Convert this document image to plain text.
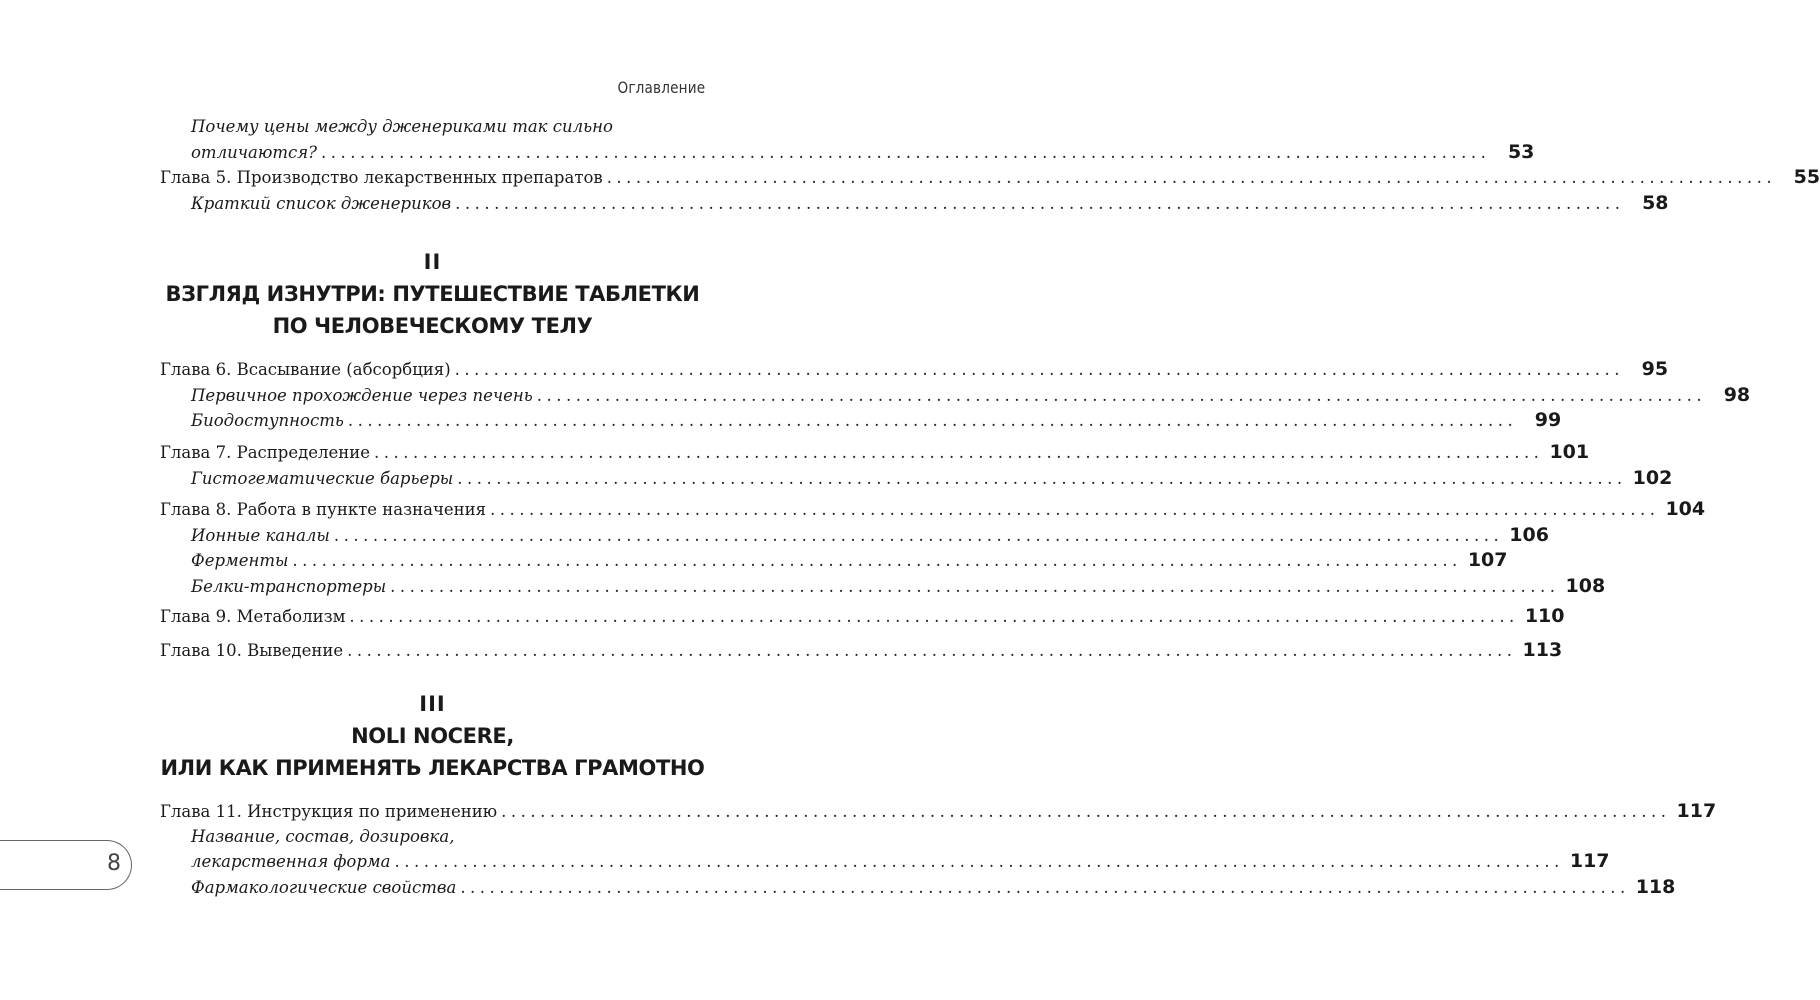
Оглавление
Почему цены между дженериками так сильно
отличаются? ........................................................................................................................ 53
Глава 5. Производство лекарственных препаратов ........................................................................................................................ 55
Краткий список дженериков ........................................................................................................................ 58
II
ВЗГЛЯД ИЗНУТРИ: ПУТЕШЕСТВИЕ ТАБЛЕТКИ
ПО ЧЕЛОВЕЧЕСКОМУ ТЕЛУ
Глава 6. Всасывание (абсорбция) ........................................................................................................................ 95
Первичное прохождение через печень ........................................................................................................................ 98
Биодоступность ........................................................................................................................ 99
Глава 7. Распределение ........................................................................................................................ 101
Гистогематические барьеры ........................................................................................................................ 102
Глава 8. Работа в пункте назначения ........................................................................................................................ 104
Ионные каналы ........................................................................................................................ 106
Ферменты ........................................................................................................................ 107
Белки-транспортеры ........................................................................................................................ 108
Глава 9. Метаболизм ........................................................................................................................ 110
Глава 10. Выведение ........................................................................................................................ 113
III
NOLI NOCERE,
ИЛИ КАК ПРИМЕНЯТЬ ЛЕКАРСТВА ГРАМОТНО
Глава 11. Инструкция по применению ........................................................................................................................ 117
Название, состав, дозировка,
лекарственная форма ........................................................................................................................ 117
Фармакологические свойства ........................................................................................................................ 118
8
